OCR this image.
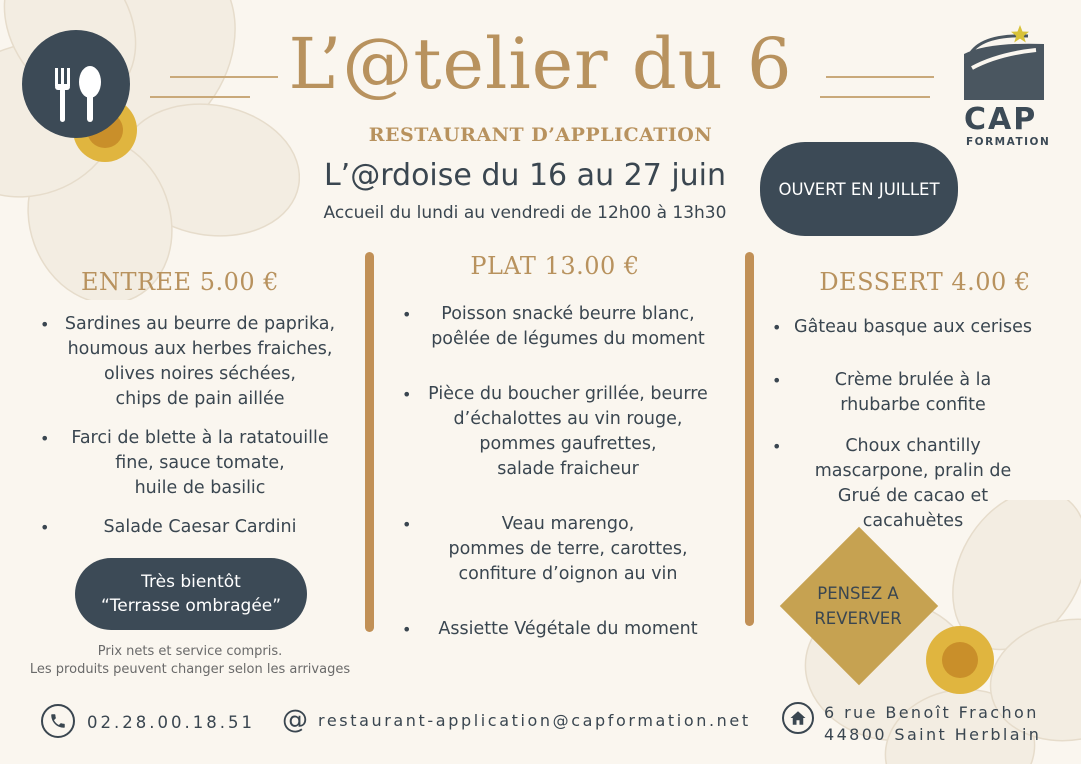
CAP
FORMATION
L’@telier du 6
RESTAURANT D’APPLICATION
L’@rdoise du 16 au 27 juin
Accueil du lundi au vendredi de 12h00 à 13h30
OUVERT EN JUILLET
ENTREE 5.00 €
• Sardines au beurre de paprika,
houmous aux herbes fraiches,
olives noires séchées,
chips de pain aillée
•	Farci de blette à la ratatouille
fine, sauce tomate,
huile de basilic
•	Salade Caesar Cardini
Très bientôt
“Terrasse ombragée”
Prix nets et service compris.
Les produits peuvent changer selon les arrivages
PLAT 13.00 €
•	Poisson snacké beurre blanc,
poêlée de légumes du moment
• Pièce du boucher grillée, beurre
d’échalottes au vin rouge,
pommes gaufrettes,
salade fraicheur
•	Veau marengo,
pommes de terre, carottes,
confiture d’oignon au vin
•	Assiette Végétale du moment
DESSERT 4.00 €
• Gâteau basque aux cerises
•	Crème brulée à la
rhubarbe confite
•	Choux chantilly
mascarpone, pralin de
Grué de cacao et
cacahuètes
PENSEZ A
REVERVER
02.28.00.18.51 @ restaurant-application@capformation.net	6 rue Benoît Frachon
44800 Saint Herblain
